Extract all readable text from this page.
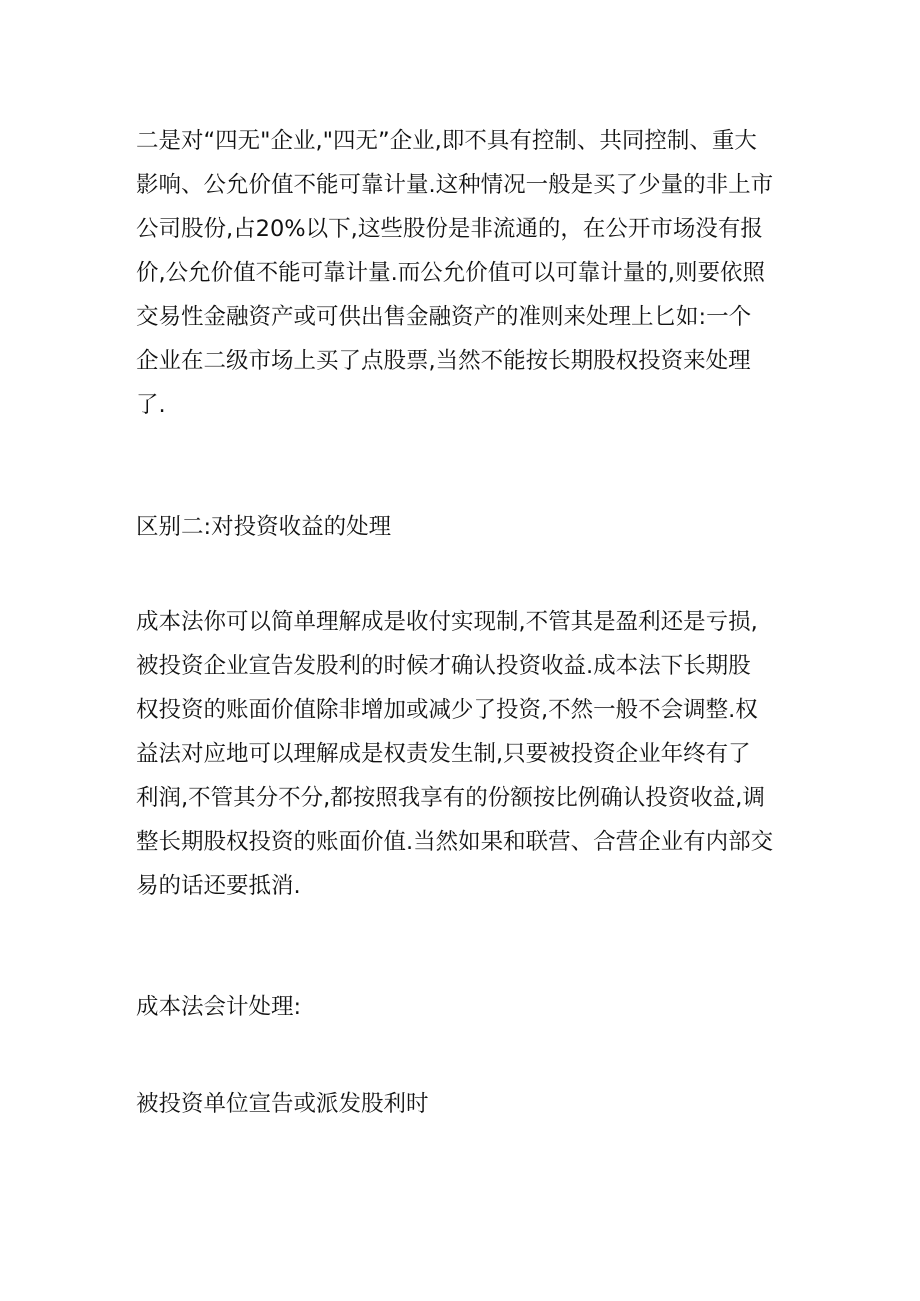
二是对“四无"企业,"四无”企业,即不具有控制、共同控制、重大
影响、公允价值不能可靠计量.这种情况一般是买了少量的非上市
公司股份,占20%以下,这些股份是非流通的，在公开市场没有报
价,公允价值不能可靠计量.而公允价值可以可靠计量的,则要依照
交易性金融资产或可供出售金融资产的准则来处理上匕如:一个
企业在二级市场上买了点股票,当然不能按长期股权投资来处理
了.
区别二:对投资收益的处理
成本法你可以简单理解成是收付实现制,不管其是盈利还是亏损,
被投资企业宣告发股利的时候才确认投资收益.成本法下长期股
权投资的账面价值除非增加或减少了投资,不然一般不会调整.权
益法对应地可以理解成是权责发生制,只要被投资企业年终有了
利润,不管其分不分,都按照我享有的份额按比例确认投资收益,调
整长期股权投资的账面价值.当然如果和联营、合营企业有内部交
易的话还要抵消.
成本法会计处理:
被投资单位宣告或派发股利时
